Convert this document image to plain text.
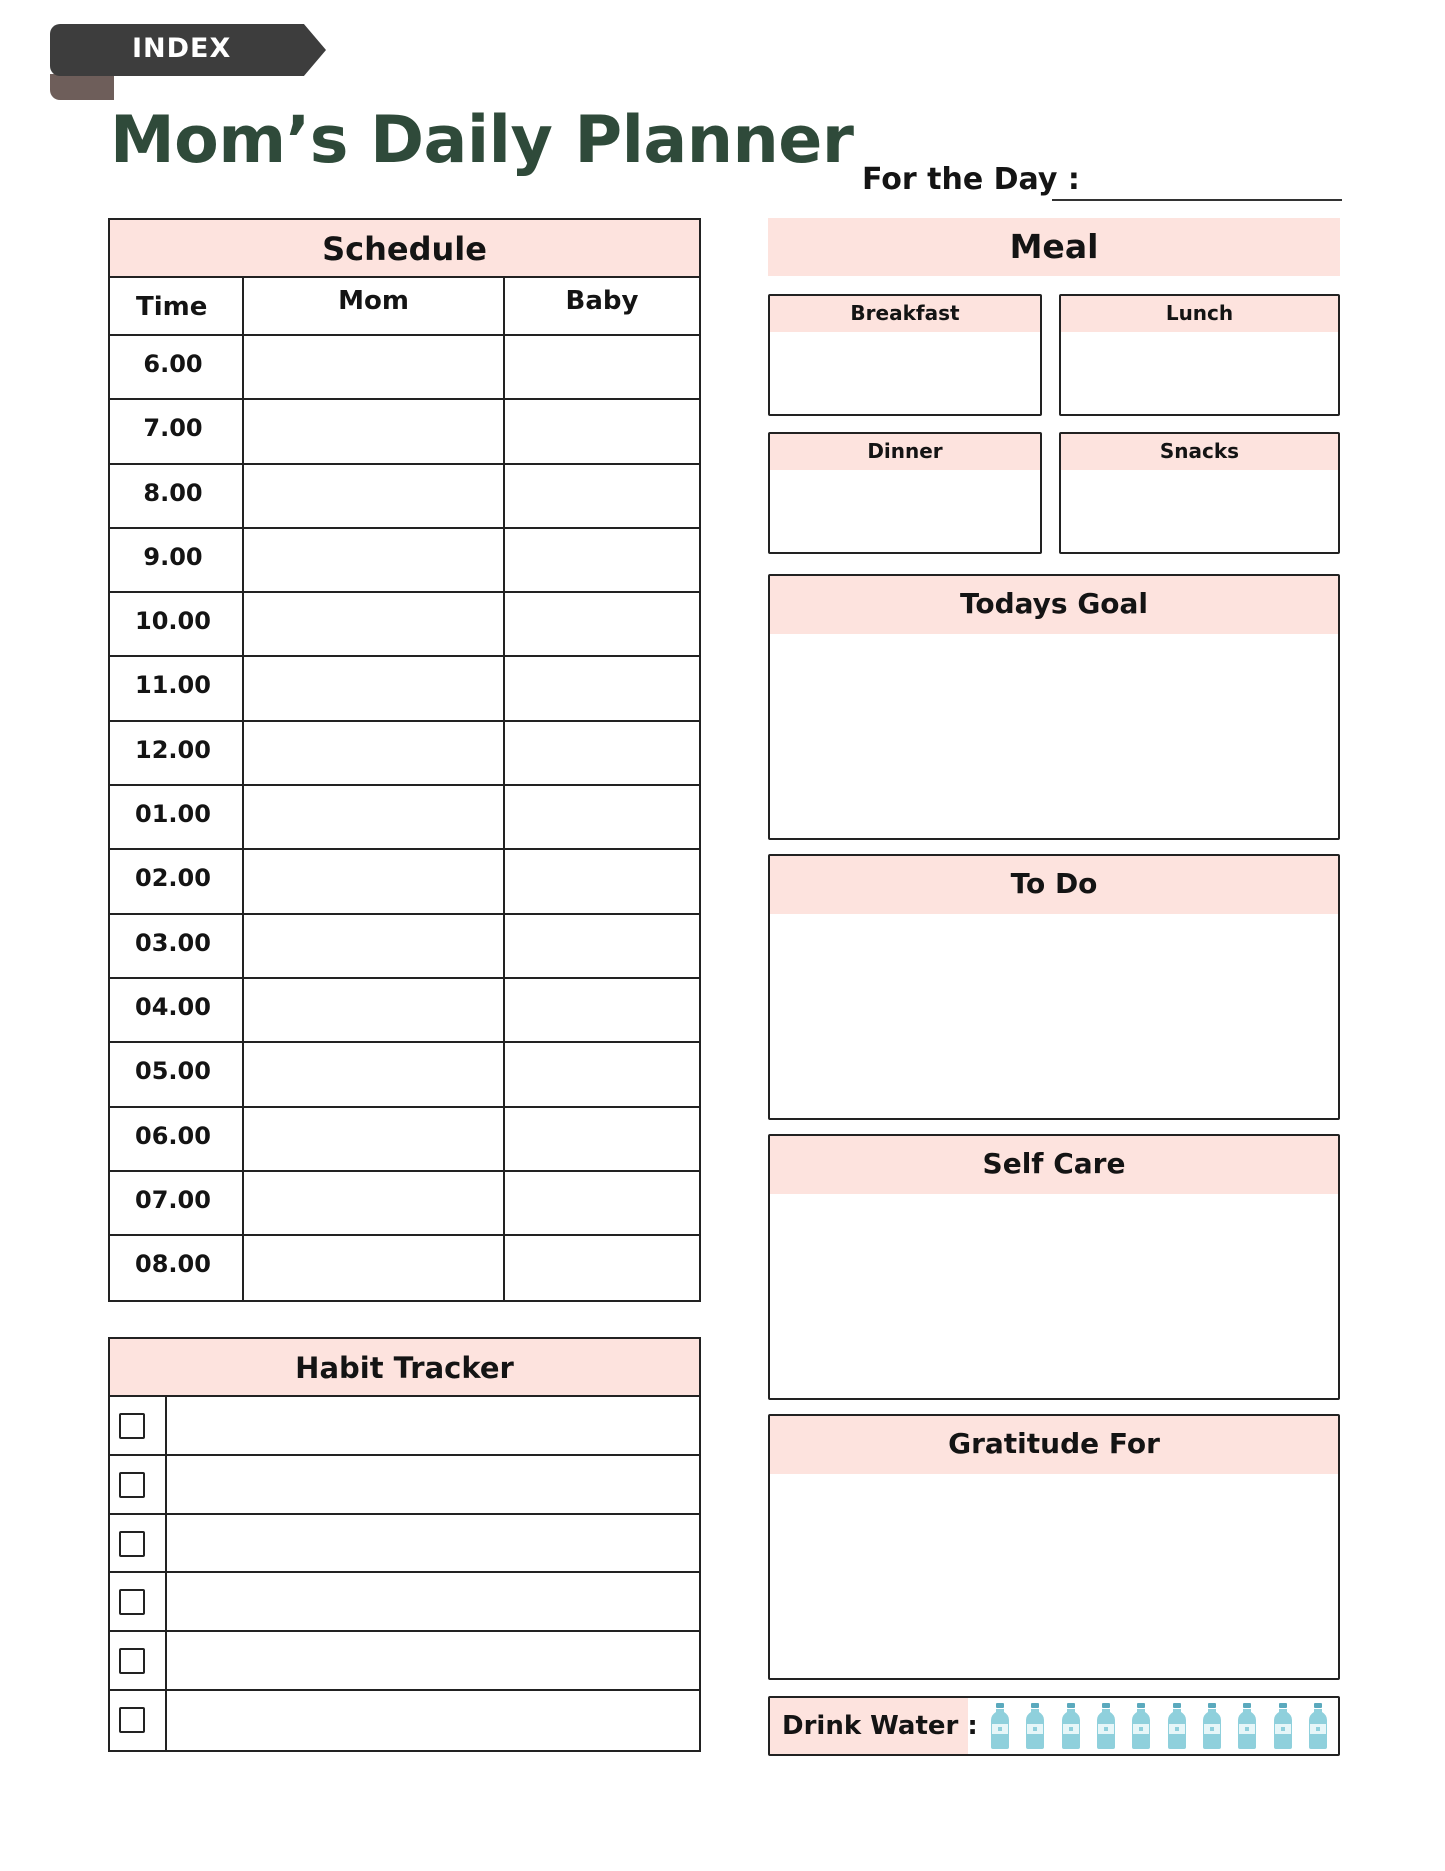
INDEX
Mom’s Daily Planner
For the Day :
Schedule
Time	Mom	Baby
6.00
7.00
8.00
9.00
10.00
11.00
12.00
01.00
02.00
03.00
04.00
05.00
06.00
07.00
08.00
Habit Tracker
Meal
Breakfast	Lunch
Dinner	Snacks
Todays Goal
To Do
Self Care
Gratitude For
Drink Water :
